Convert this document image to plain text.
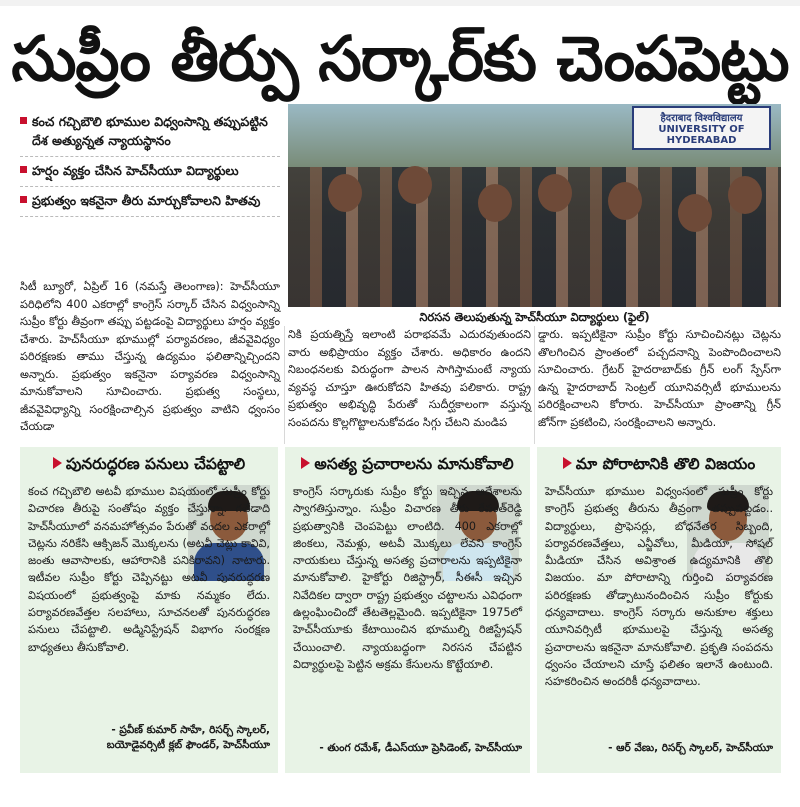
సుప్రీం తీర్పు సర్కార్‌కు చెంపపెట్టు

కంచ గచ్చిబౌలి భూముల విధ్వంసాన్ని తప్పుపట్టిన దేశ అత్యున్నత న్యాయస్థానం

హర్షం వ్యక్తం చేసిన హెచ్‌సీయూ విద్యార్థులు

ప్రభుత్వం ఇకనైనా తీరు మార్చుకోవాలని హితవు

हैदराबाद विश्वविद्यालय
UNIVERSITY OF HYDERABAD
నిరసన తెలుపుతున్న హెచ్‌సీయూ విద్యార్థులు (ఫైల్)

సిటీ బ్యూరో, ఏప్రిల్ 16 (నమస్తే తెలంగాణ): హెచ్‌సీయూ పరిధిలోని 400 ఎకరాల్లో కాంగ్రెస్ సర్కార్ చేసిన విధ్వంసాన్ని సుప్రీం కోర్టు తీవ్రంగా తప్పు పట్టడంపై విద్యార్థులు హర్షం వ్యక్తం చేశారు. హెచ్‌సీయూ భూముల్లో పర్యావరణం, జీవవైవిధ్యం పరిరక్షణకు తాము చేస్తున్న ఉద్యమం ఫలితాన్నిచ్చిందని అన్నారు. ప్రభుత్వం ఇకనైనా పర్యావరణ విధ్వంసాన్ని మానుకోవాలని సూచించారు. ప్రభుత్వ సంస్థలు, జీవవైవిధ్యాన్ని సంరక్షించాల్సిన ప్రభుత్వం వాటిని ధ్వంసం చేయడా

నికి ప్రయత్నిస్తే ఇలాంటి పరాభవమే ఎదురవుతుందని వారు అభిప్రాయం వ్యక్తం చేశారు. అధికారం ఉందని నిబంధనలకు విరుద్ధంగా పాలన సాగిస్తామంటే న్యాయ వ్యవస్థ చూస్తూ ఊరుకోదని హితవు పలికారు. రాష్ట్ర ప్రభుత్వం అభివృద్ధి పేరుతో సుదీర్ఘకాలంగా వస్తున్న సంపదను కొల్లగొట్టాలనుకోవడం సిగ్గు చేటని మండిప

డ్డారు. ఇప్పటికైనా సుప్రీం కోర్టు సూచించినట్లు చెట్లను తొలగించిన ప్రాంతంలో పచ్చదనాన్ని పెంపొందించాలని సూచించారు. గ్రేటర్ హైదరాబాద్‌కు గ్రీన్ లంగ్ స్పేస్‌గా ఉన్న హైదరాబాద్ సెంట్రల్ యూనివర్సిటీ భూములను పరిరక్షించాలని కోరారు. హెచ్‌సీయూ ప్రాంతాన్ని గ్రీన్ జోన్‌గా ప్రకటించి, సంరక్షించాలని అన్నారు.

పునరుద్ధరణ పనులు చేపట్టాలి

కంచ గచ్చిబౌలి అటవీ భూముల విషయంలో సుప్రీం కోర్టు విచారణ తీరుపై సంతోషం వ్యక్తం చేస్తున్నా. గతేడాది హెచ్‌సీయూలో వనమహోత్సవం పేరుతో వందల ఎకరాల్లో చెట్లను నరికేసి ఆక్సిజన్ మొక్కలను (అటవీ చెట్లు కావివి, జంతు ఆవాసాలకు, ఆహారానికి పనికిరావని) నాటారు. ఇటీవల సుప్రీం కోర్టు చెప్పినట్టు అటవీ పునరుద్ధరణ విషయంలో ప్రభుత్వంపై మాకు నమ్మకం లేదు. పర్యావరణవేత్తల సలహాలు, సూచనలతో పునరుద్ధరణ పనులు చేపట్టాలి. అడ్మినిస్ట్రేషన్ విభాగం సంరక్షణ బాధ్యతలు తీసుకోవాలి.

- ప్రవీణ్ కుమార్ సాహే, రిసర్చ్ స్కాలర్,
బయోడైవర్సిటీ క్లబ్ ఫౌండర్, హెచ్‌సీయూ
అసత్య ప్రచారాలను మానుకోవాలి

కాంగ్రెస్ సర్కారుకు సుప్రీం కోర్టు ఇచ్చిన ఆదేశాలను స్వాగతిస్తున్నాం. సుప్రీం విచారణ తీరు రేవంత్‌రెడ్డి ప్రభుత్వానికి చెంపపెట్టు లాంటిది. 400 ఎకరాల్లో జింకలు, నెమళ్లు, అటవీ మొక్కలు లేవని కాంగ్రెస్ నాయకులు చేస్తున్న అసత్య ప్రచారాలను ఇప్పటికైనా మానుకోవాలి. హైకోర్టు రిజిస్ట్రార్, సీఈసీ ఇచ్చిన నివేదికల ద్వారా రాష్ట్ర ప్రభుత్వం చట్టాలను ఎవిధంగా ఉల్లంఘించిందో తేటతెల్లమైంది. ఇప్పటికైనా 1975లో హెచ్‌సీయూకు కేటాయించిన భూముల్ని రిజిస్ట్రేషన్ చేయించాలి. న్యాయబద్ధంగా నిరసన చేపట్టిన విద్యార్థులపై పెట్టిన అక్రమ కేసులను కొట్టేయాలి.

- తుంగ రమేశ్, డీఎస్‌యూ ప్రెసిడెంట్, హెచ్‌సీయూ
మా పోరాటానికి తొలి విజయం

హెచ్‌సీయూ భూముల విధ్వంసంలో సుప్రీం కోర్టు కాంగ్రెస్ ప్రభుత్వ తీరును తీవ్రంగా తప్పుపట్టడం.. విద్యార్థులు, ప్రొఫెసర్లు, బోధనేతర సిబ్బంది, పర్యావరణవేత్తలు, ఎన్జీవోలు, మీడియా, సోషల్ మీడియా చేసిన అవిశ్రాంత ఉద్యమానికి తొలి విజయం. మా పోరాటాన్ని గుర్తించి పర్యావరణ పరిరక్షణకు తోడ్పాటునందించిన సుప్రీం కోర్టుకు ధన్యవాదాలు. కాంగ్రెస్ సర్కారు అనుకూల శక్తులు యూనివర్సిటీ భూములపై చేస్తున్న అసత్య ప్రచారాలను ఇకనైనా మానుకోవాలి. ప్రకృతి సంపదను ధ్వంసం చేయాలని చూస్తే ఫలితం ఇలానే ఉంటుంది. సహకరించిన అందరికీ ధన్యవాదాలు.

- ఆర్ వేణు, రిసర్చ్ స్కాలర్, హెచ్‌సీయూ
